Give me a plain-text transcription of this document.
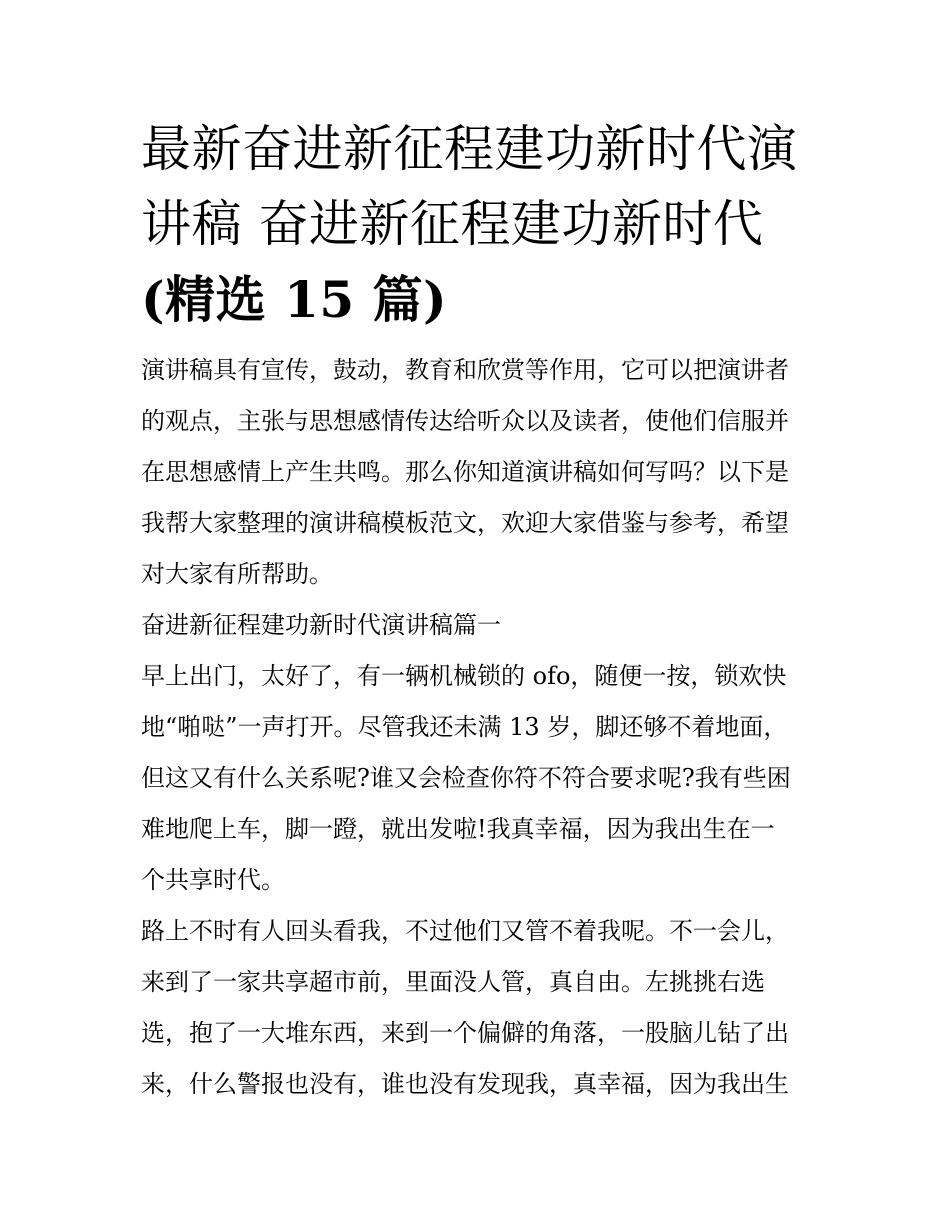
最新奋进新征程建功新时代演
讲稿 奋进新征程建功新时代
(精选 15 篇)

演讲稿具有宣传，鼓动，教育和欣赏等作用，它可以把演讲者
的观点，主张与思想感情传达给听众以及读者，使他们信服并
在思想感情上产生共鸣。那么你知道演讲稿如何写吗？以下是
我帮大家整理的演讲稿模板范文，欢迎大家借鉴与参考，希望
对大家有所帮助。

奋进新征程建功新时代演讲稿篇一

早上出门，太好了，有一辆机械锁的 ofo，随便一按，锁欢快
地“啪哒”一声打开。尽管我还未满 13 岁，脚还够不着地面，
但这又有什么关系呢?谁又会检查你符不符合要求呢?我有些困
难地爬上车，脚一蹬，就出发啦!我真幸福，因为我出生在一
个共享时代。

路上不时有人回头看我，不过他们又管不着我呢。不一会儿，
来到了一家共享超市前，里面没人管，真自由。左挑挑右选
选，抱了一大堆东西，来到一个偏僻的角落，一股脑儿钻了出
来，什么警报也没有，谁也没有发现我，真幸福，因为我出生
